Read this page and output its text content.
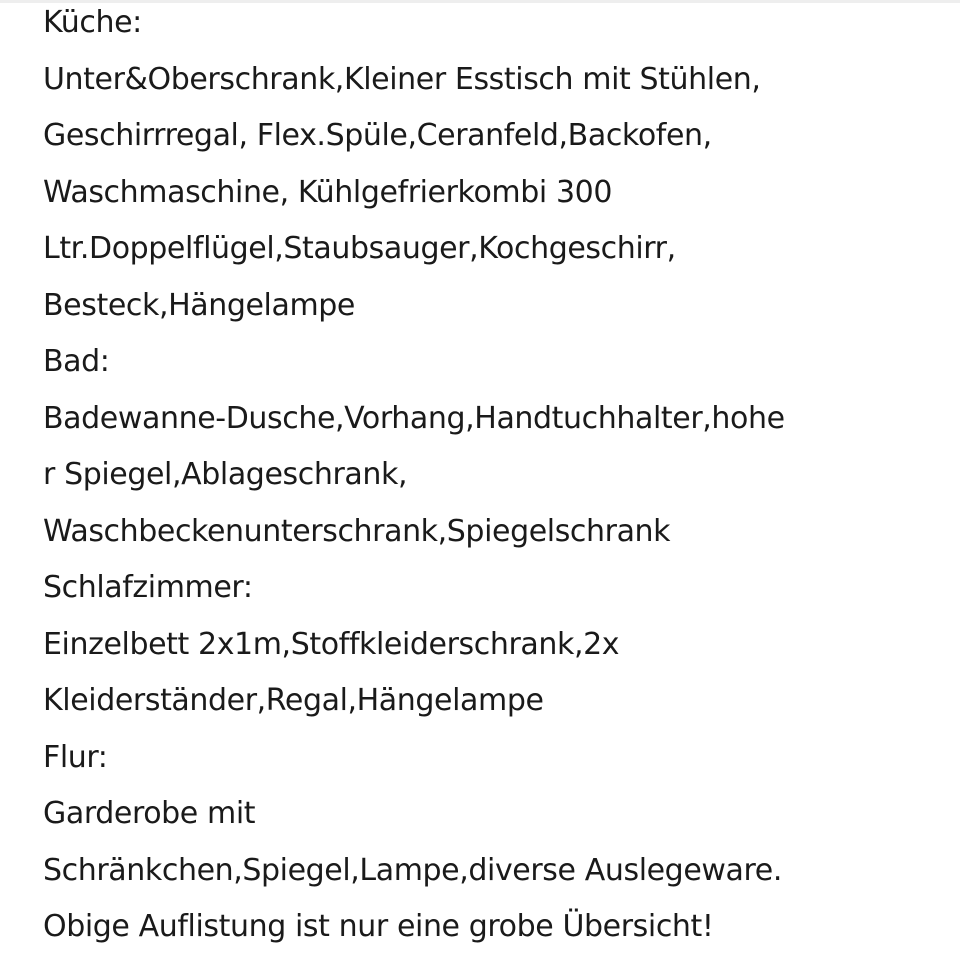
Küche:
Unter&Oberschrank,Kleiner Esstisch mit Stühlen,
Geschirrregal, Flex.Spüle,Ceranfeld,Backofen,
Waschmaschine, Kühlgefrierkombi 300
Ltr.Doppelflügel,Staubsauger,Kochgeschirr,
Besteck,Hängelampe
Bad:
Badewanne-Dusche,Vorhang,Handtuchhalter,hohe
r Spiegel,Ablageschrank,
Waschbeckenunterschrank,Spiegelschrank
Schlafzimmer:
Einzelbett 2x1m,Stoffkleiderschrank,2x
Kleiderständer,Regal,Hängelampe
Flur:
Garderobe mit
Schränkchen,Spiegel,Lampe,diverse Auslegeware.
Obige Auflistung ist nur eine grobe Übersicht!
